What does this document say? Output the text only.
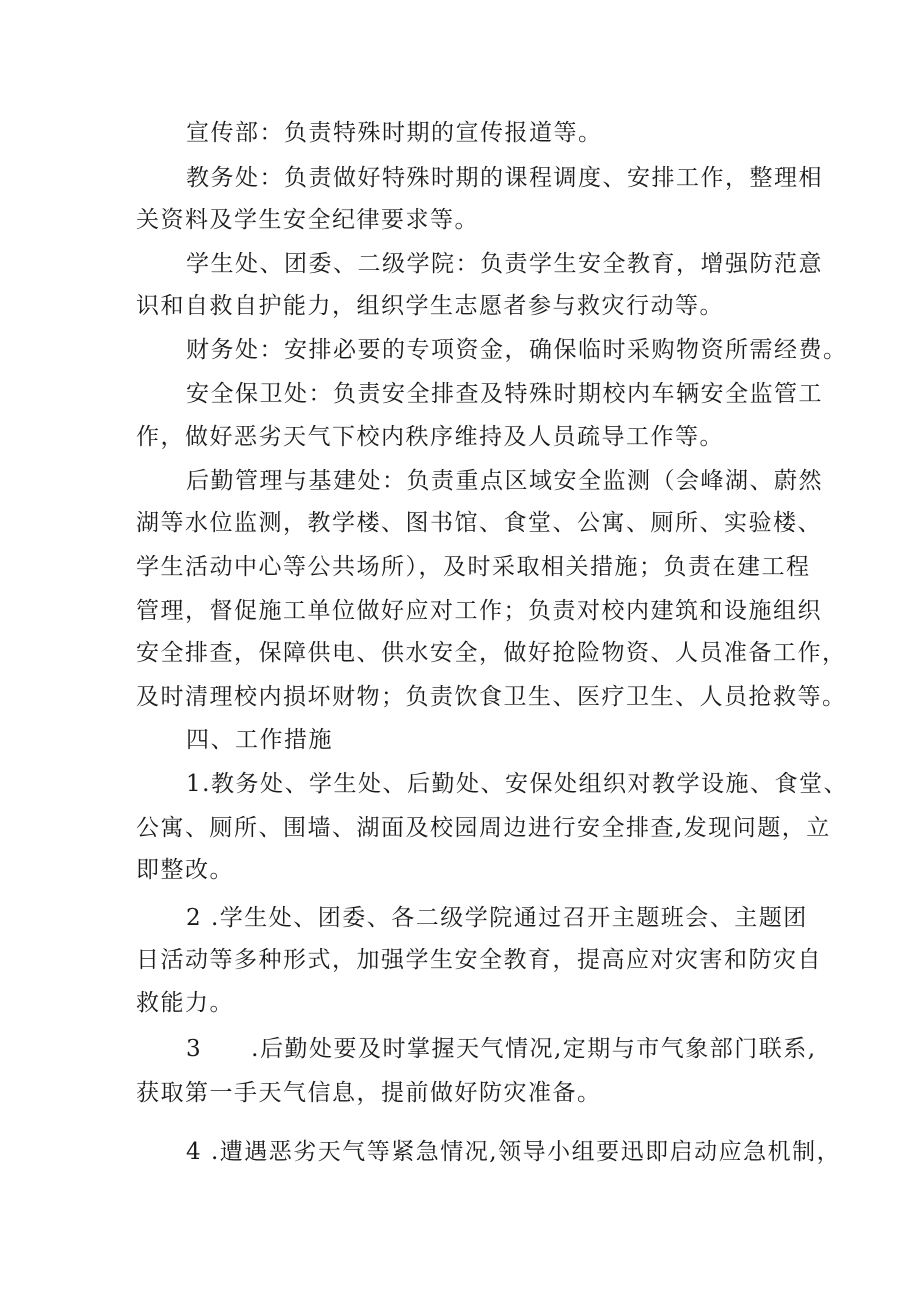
宣传部：负责特殊时期的宣传报道等。
教务处：负责做好特殊时期的课程调度、安排工作，整理相
关资料及学生安全纪律要求等。
学生处、团委、二级学院：负责学生安全教育，增强防范意
识和自救自护能力，组织学生志愿者参与救灾行动等。
财务处：安排必要的专项资金，确保临时采购物资所需经费。
安全保卫处：负责安全排查及特殊时期校内车辆安全监管工
作，做好恶劣天气下校内秩序维持及人员疏导工作等。
后勤管理与基建处：负责重点区域安全监测（会峰湖、蔚然
湖等水位监测，教学楼、图书馆、食堂、公寓、厕所、实验楼、
学生活动中心等公共场所），及时采取相关措施；负责在建工程
管理，督促施工单位做好应对工作；负责对校内建筑和设施组织
安全排查，保障供电、供水安全，做好抢险物资、人员准备工作，
及时清理校内损坏财物；负责饮食卫生、医疗卫生、人员抢救等。
四、工作措施
1.教务处、学生处、后勤处、安保处组织对教学设施、食堂、
公寓、厕所、围墙、湖面及校园周边进行安全排查,发现问题，立
即整改。
2 .学生处、团委、各二级学院通过召开主题班会、主题团
日活动等多种形式，加强学生安全教育，提高应对灾害和防灾自
救能力。
3　　.后勤处要及时掌握天气情况,定期与市气象部门联系,
获取第一手天气信息，提前做好防灾准备。
4 .遭遇恶劣天气等紧急情况,领导小组要迅即启动应急机制，
